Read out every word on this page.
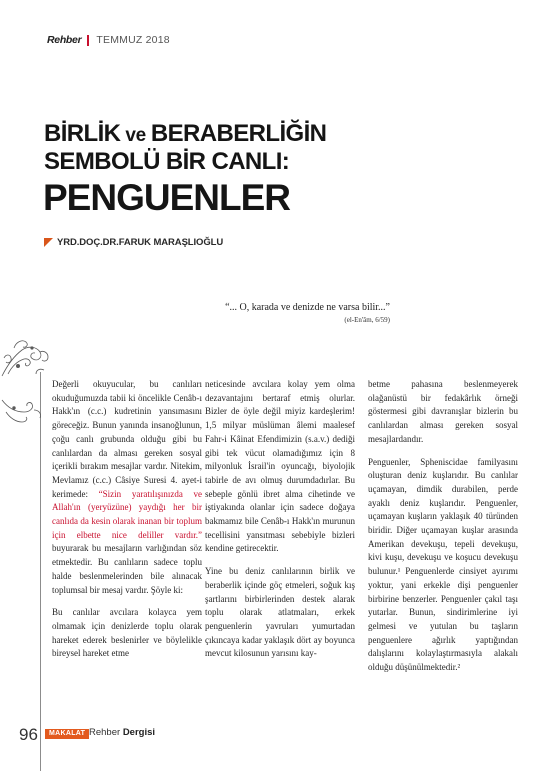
Rehber TEMMUZ 2018
BİRLİK ve BERABERLİĞİN
SEMBOLÜ BİR CANLI:
PENGUENLER
YRD.DOÇ.DR.FARUK MARAŞLIOĞLU
“... O, karada ve denizde ne varsa bilir...”
(el-En'âm, 6/59)

Değerli okuyucular, bu canlıları okuduğumuzda tabii ki öncelikle Cenâb-ı Hakk'ın (c.c.) kudretinin yansımasını göreceğiz. Bunun yanında insanoğlunun, çoğu canlı grubunda olduğu gibi bu canlılardan da alması gereken sosyal içerikli bırakım mesajlar vardır. Nitekim, Mevlamız (c.c.) Câsiye Suresi 4. ayet-i kerimede: “Sizin yaratılışınızda ve Allah'ın (yeryüzüne) yaydığı her bir canlıda da kesin olarak inanan bir toplum için elbette nice deliller vardır.” buyurarak bu mesajların varlığından söz etmektedir. Bu canlıların sadece toplu halde beslenmelerinden bile alınacak toplumsal bir mesaj vardır. Şöyle ki:

Bu canlılar avcılara kolayca yem olmamak için denizlerde toplu olarak hareket ederek beslenirler ve böylelikle bireysel hareket etme

neticesinde avcılara kolay yem olma dezavantajını bertaraf etmiş olurlar. Bizler de öyle değil miyiz kardeşlerim! 1,5 milyar müslüman âlemi maalesef Fahr-i Kâinat Efendimizin (s.a.v.) dediği gibi tek vücut olamadığımız için 8 milyonluk İsrail'in oyuncağı, biyolojik tabirle de avı olmuş durumdadırlar. Bu sebeple gönlü ibret alma cihetinde ve iştiyakında olanlar için sadece doğaya bakmamız bile Cenâb-ı Hakk'ın murunun tecellisini yansıtması sebebiyle bizleri kendine getirecektir.

Yine bu deniz canlılarının birlik ve beraberlik içinde göç etmeleri, soğuk kış şartlarını birbirlerinden destek alarak toplu olarak atlatmaları, erkek penguenlerin yavruları yumurtadan çıkıncaya kadar yaklaşık dört ay boyunca mevcut kilosunun yarısını kay-

betme pahasına beslenmeyerek olağanüstü bir fedakârlık örneği göstermesi gibi davranışlar bizlerin bu canlılardan alması gereken sosyal mesajlardandır.

Penguenler, Spheniscidae familyasını oluşturan deniz kuşlarıdır. Bu canlılar uçamayan, dimdik durabilen, perde ayaklı deniz kuşlarıdır. Penguenler, uçamayan kuşların yaklaşık 40 türünden biridir. Diğer uçamayan kuşlar arasında Amerikan devekuşu, tepeli devekuşu, kivi kuşu, devekuşu ve koşucu devekuşu bulunur.¹ Penguenlerde cinsiyet ayırımı yoktur, yani erkekle dişi penguenler birbirine benzerler. Penguenler çakıl taşı yutarlar. Bunun, sindirimlerine iyi gelmesi ve yutulan bu taşların penguenlere ağırlık yaptığından dalışlarını kolaylaştırmasıyla alakalı olduğu düşünülmektedir.²

96	MAKALAT Rehber Dergisi
